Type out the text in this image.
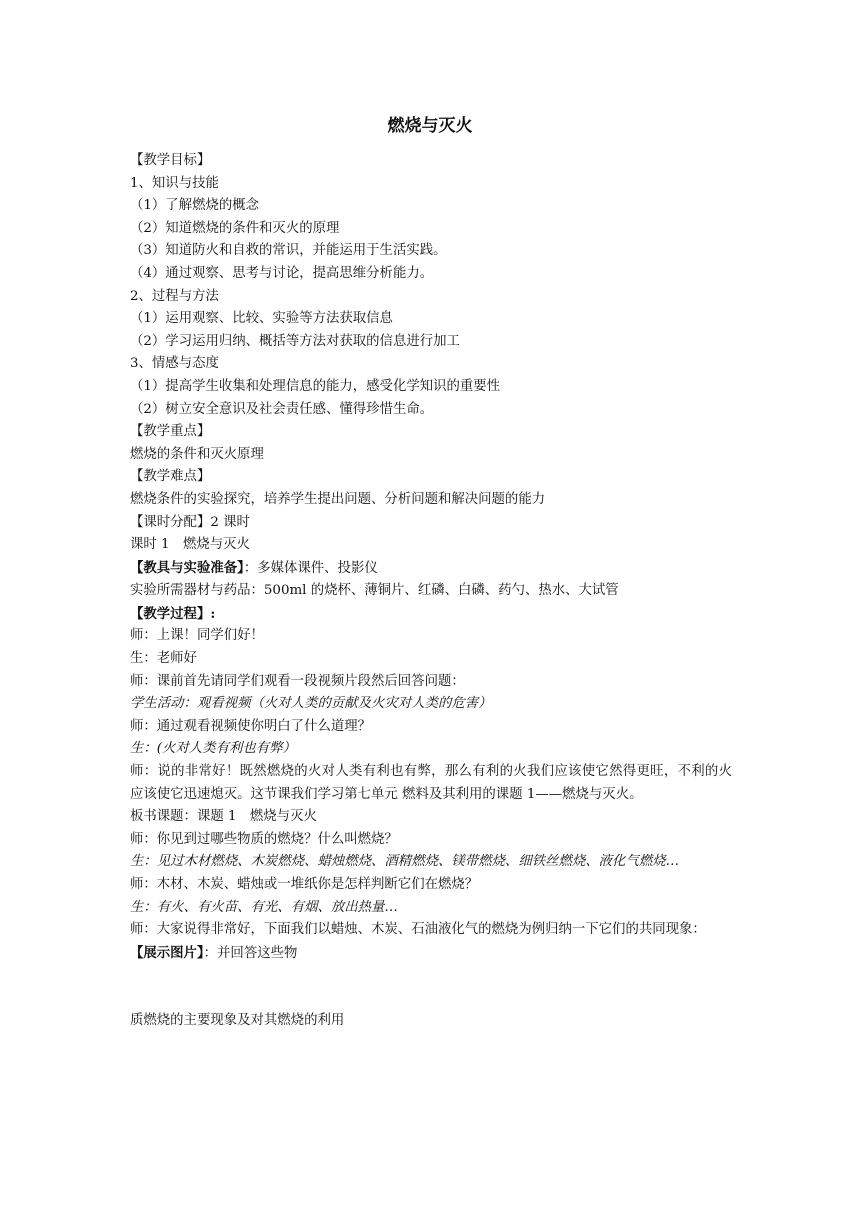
燃烧与灭火

【教学目标】

1、知识与技能

（1）了解燃烧的概念

（2）知道燃烧的条件和灭火的原理

（3）知道防火和自救的常识，并能运用于生活实践。

（4）通过观察、思考与讨论，提高思维分析能力。

2、过程与方法

（1）运用观察、比较、实验等方法获取信息

（2）学习运用归纳、概括等方法对获取的信息进行加工

3、情感与态度

（1）提高学生收集和处理信息的能力，感受化学知识的重要性

（2）树立安全意识及社会责任感、懂得珍惜生命。

【教学重点】

燃烧的条件和灭火原理

【教学难点】

燃烧条件的实验探究，培养学生提出问题、分析问题和解决问题的能力

【课时分配】2 课时

课时 1　燃烧与灭火

【教具与实验准备】：多媒体课件、投影仪

实验所需器材与药品：500ml 的烧杯、薄铜片、红磷、白磷、药勺、热水、大试管

【教学过程】:

师：上课！同学们好！

生：老师好

师：课前首先请同学们观看一段视频片段然后回答问题：

学生活动：观看视频（火对人类的贡献及火灾对人类的危害）

师：通过观看视频使你明白了什么道理？

生：(火对人类有利也有弊）

师：说的非常好！既然燃烧的火对人类有利也有弊，那么有利的火我们应该使它然得更旺，不利的火应该使它迅速熄灭。这节课我们学习第七单元 燃料及其利用的课题 1——燃烧与灭火。

板书课题：课题 1　燃烧与灭火

师：你见到过哪些物质的燃烧？什么叫燃烧？

生：见过木材燃烧、木炭燃烧、蜡烛燃烧、酒精燃烧、镁带燃烧、细铁丝燃烧、液化气燃烧…

师：木材、木炭、蜡烛或一堆纸你是怎样判断它们在燃烧？

生：有火、有火苗、有光、有烟、放出热量…

师：大家说得非常好，下面我们以蜡烛、木炭、石油液化气的燃烧为例归纳一下它们的共同现象：

【展示图片】：并回答这些物

质燃烧的主要现象及对其燃烧的利用
